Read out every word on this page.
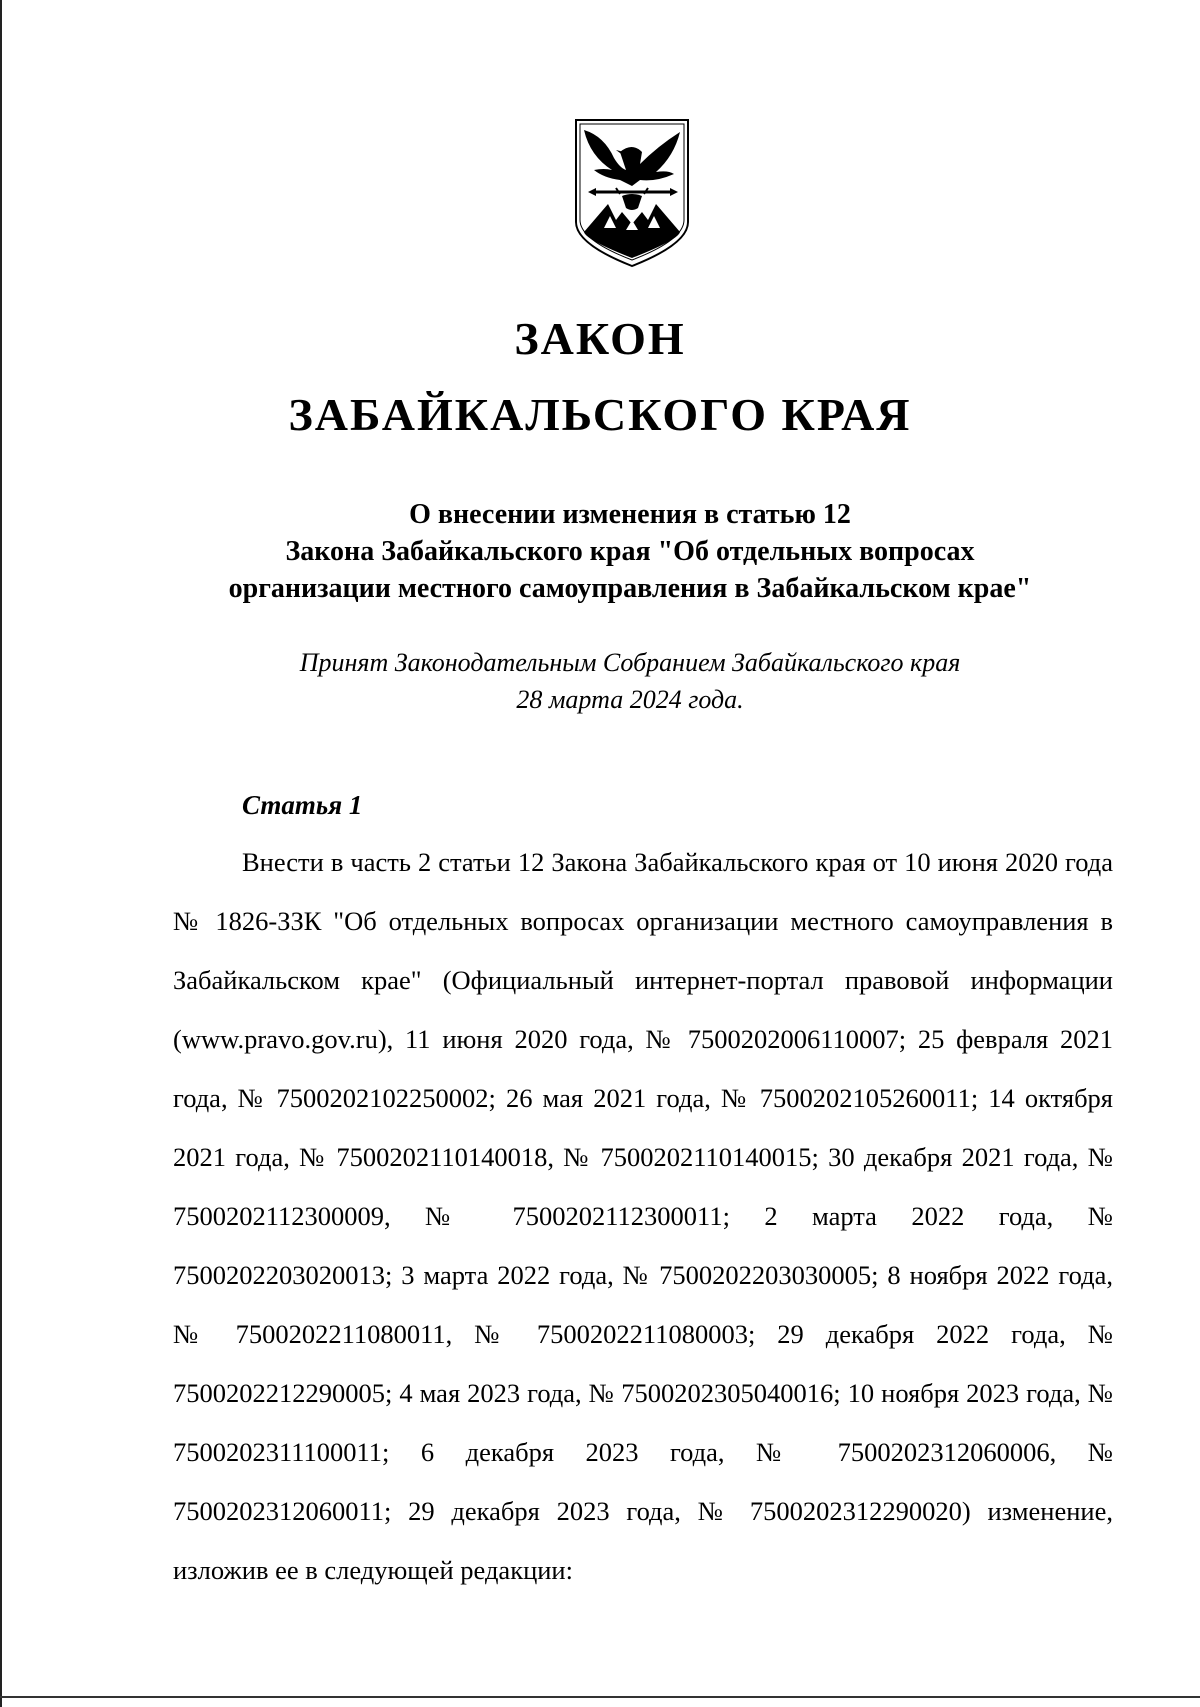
ЗАКОН
ЗАБАЙКАЛЬСКОГО КРАЯ
О внесении изменения в статью 12
Закона Забайкальского края "Об отдельных вопросах
организации местного самоуправления в Забайкальском крае"
Принят Законодательным Собранием Забайкальского края
28 марта 2024 года.
Статья 1

Внести в часть 2 статьи 12 Закона Забайкальского края от 10 июня 2020 года № 1826-ЗЗК "Об отдельных вопросах организации местного самоуправления в Забайкальском крае" (Официальный интернет-портал правовой информации (www.pravo.gov.ru), 11 июня 2020 года, № 7500202006110007; 25 февраля 2021 года, № 7500202102250002; 26 мая 2021 года, № 7500202105260011; 14 октября 2021 года, № 7500202110140018, № 7500202110140015; 30 декабря 2021 года, № 7500202112300009, № 7500202112300011; 2 марта 2022 года, № 7500202203020013; 3 марта 2022 года, № 7500202203030005; 8 ноября 2022 года, № 7500202211080011, № 7500202211080003; 29 декабря 2022 года, № 7500202212290005; 4 мая 2023 года, № 7500202305040016; 10 ноября 2023 года, № 7500202311100011; 6 декабря 2023 года, № 7500202312060006, № 7500202312060011; 29 декабря 2023 года, № 7500202312290020) изменение, изложив ее в следующей редакции:
